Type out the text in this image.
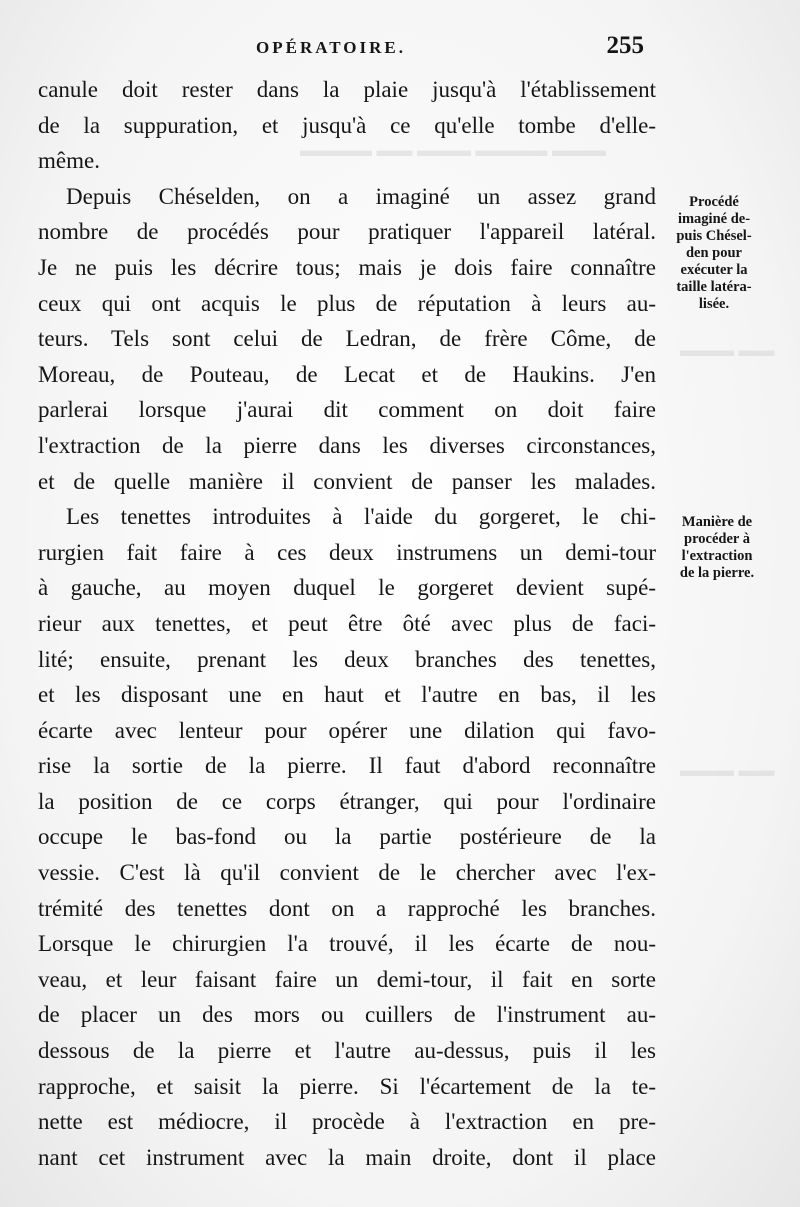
▬▬▬ ▬▬▬▬ ▬▬▬ ▬▬ ▬▬▬▬
▬▬ ▬▬▬
▬▬ ▬▬▬
OPÉRATOIRE.	255
canule doit rester dans la plaie jusqu'à l'établissement
de la suppuration, et jusqu'à ce qu'elle tombe d'elle-
même.
Depuis Chéselden, on a imaginé un assez grand
nombre de procédés pour pratiquer l'appareil latéral.
Je ne puis les décrire tous; mais je dois faire connaître
ceux qui ont acquis le plus de réputation à leurs au-
teurs. Tels sont celui de Ledran, de frère Côme, de
Moreau, de Pouteau, de Lecat et de Haukins. J'en
parlerai lorsque j'aurai dit comment on doit faire
l'extraction de la pierre dans les diverses circonstances,
et de quelle manière il convient de panser les malades.
Les tenettes introduites à l'aide du gorgeret, le chi-
rurgien fait faire à ces deux instrumens un demi-tour
à gauche, au moyen duquel le gorgeret devient supé-
rieur aux tenettes, et peut être ôté avec plus de faci-
lité; ensuite, prenant les deux branches des tenettes,
et les disposant une en haut et l'autre en bas, il les
écarte avec lenteur pour opérer une dilation qui favo-
rise la sortie de la pierre. Il faut d'abord reconnaître
la position de ce corps étranger, qui pour l'ordinaire
occupe le bas-fond ou la partie postérieure de la
vessie. C'est là qu'il convient de le chercher avec l'ex-
trémité des tenettes dont on a rapproché les branches.
Lorsque le chirurgien l'a trouvé, il les écarte de nou-
veau, et leur faisant faire un demi-tour, il fait en sorte
de placer un des mors ou cuillers de l'instrument au-
dessous de la pierre et l'autre au-dessus, puis il les
rapproche, et saisit la pierre. Si l'écartement de la te-
nette est médiocre, il procède à l'extraction en pre-
nant cet instrument avec la main droite, dont il place
Procédé
imaginé de-
puis Chésel-
den pour
exécuter la
taille latéra-
lisée.
Manière de
procéder à
l'extraction
de la pierre.
